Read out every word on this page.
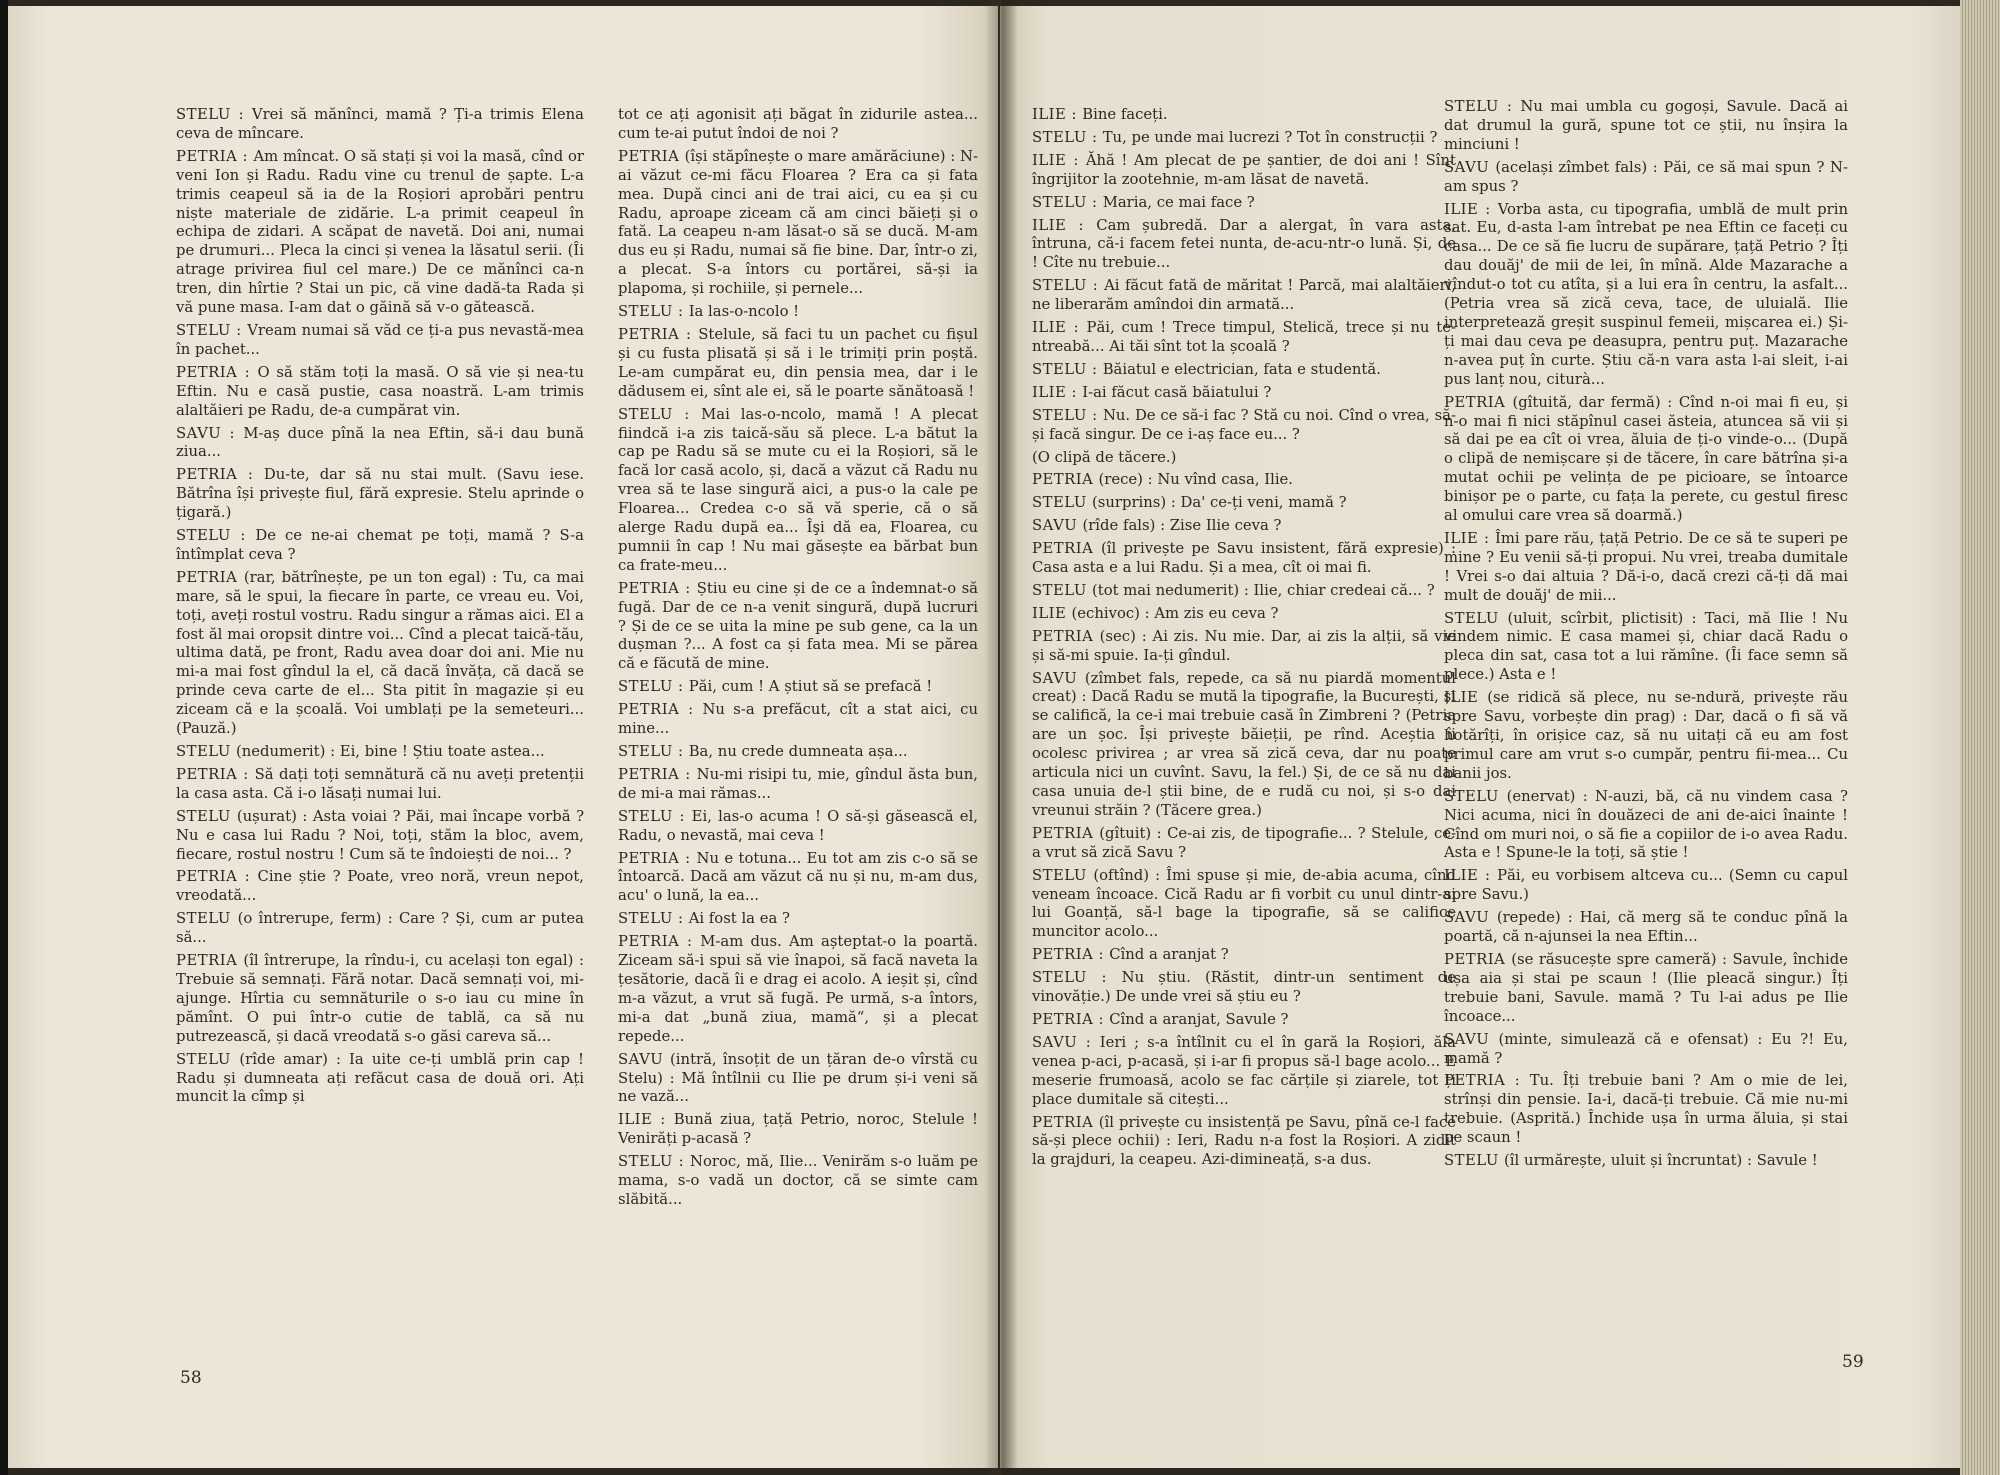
STELU : Vrei să mănînci, mamă ? Ți-a trimis Elena ceva de mîncare.

PETRIA : Am mîncat. O să stați și voi la masă, cînd or veni Ion și Radu. Radu vine cu trenul de șapte. L-a trimis ceapeul să ia de la Roșiori aprobări pentru niște materiale de zidărie. L-a primit ceapeul în echipa de zidari. A scăpat de navetă. Doi ani, numai pe drumuri... Pleca la cinci și venea la lăsatul serii. (Îi atrage privirea fiul cel mare.) De ce mănînci ca-n tren, din hîrtie ? Stai un pic, că vine dadă-ta Rada și vă pune masa. I-am dat o găină să v-o gătească.

STELU : Vream numai să văd ce ți-a pus nevastă-mea în pachet...

PETRIA : O să stăm toți la masă. O să vie și nea-tu Eftin. Nu e casă pustie, casa noastră. L-am trimis alaltăieri pe Radu, de-a cumpărat vin.

SAVU : M-aș duce pînă la nea Eftin, să-i dau bună ziua...

PETRIA : Du-te, dar să nu stai mult. (Savu iese. Bătrîna își privește fiul, fără expresie. Stelu aprinde o țigară.)

STELU : De ce ne-ai chemat pe toți, mamă ? S-a întîmplat ceva ?

PETRIA (rar, bătrînește, pe un ton egal) : Tu, ca mai mare, să le spui, la fiecare în parte, ce vreau eu. Voi, toți, aveți rostul vostru. Radu singur a rămas aici. El a fost ăl mai oropsit dintre voi... Cînd a plecat taică-tău, ultima dată, pe front, Radu avea doar doi ani. Mie nu mi-a mai fost gîndul la el, că dacă învăța, că dacă se prinde ceva carte de el... Sta pitit în magazie și eu ziceam că e la școală. Voi umblați pe la semeteuri... (Pauză.)

STELU (nedumerit) : Ei, bine ! Știu toate astea...

PETRIA : Să dați toți semnătură că nu aveți pretenții la casa asta. Că i-o lăsați numai lui.

STELU (ușurat) : Asta voiai ? Păi, mai încape vorbă ? Nu e casa lui Radu ? Noi, toți, stăm la bloc, avem, fiecare, rostul nostru ! Cum să te îndoiești de noi... ?

PETRIA : Cine știe ? Poate, vreo noră, vreun nepot, vreodată...

STELU (o întrerupe, ferm) : Care ? Și, cum ar putea să...

PETRIA (îl întrerupe, la rîndu-i, cu același ton egal) : Trebuie să semnați. Fără notar. Dacă semnați voi, mi-ajunge. Hîrtia cu semnăturile o s-o iau cu mine în pămînt. O pui într-o cutie de tablă, ca să nu putrezească, și dacă vreodată s-o găsi careva să...

STELU (rîde amar) : Ia uite ce-ți umblă prin cap ! Radu și dumneata ați refăcut casa de două ori. Ați muncit la cîmp și

tot ce ați agonisit ați băgat în zidurile astea... cum te-ai putut îndoi de noi ?

PETRIA (își stăpînește o mare amărăciune) : N-ai văzut ce-mi făcu Floarea ? Era ca și fata mea. După cinci ani de trai aici, cu ea și cu Radu, aproape ziceam că am cinci băieți și o fată. La ceapeu n-am lăsat-o să se ducă. M-am dus eu și Radu, numai să fie bine. Dar, într-o zi, a plecat. S-a întors cu portărei, să-și ia plapoma, și rochiile, și pernele...

STELU : Ia las-o-ncolo !

PETRIA : Stelule, să faci tu un pachet cu fișul și cu fusta plisată și să i le trimiți prin poștă. Le-am cumpărat eu, din pensia mea, dar i le dădusem ei, sînt ale ei, să le poarte sănătoasă !

STELU : Mai las-o-ncolo, mamă ! A plecat fiindcă i-a zis taică-său să plece. L-a bătut la cap pe Radu să se mute cu ei la Roșiori, să le facă lor casă acolo, și, dacă a văzut că Radu nu vrea să te lase singură aici, a pus-o la cale pe Floarea... Credea c-o să vă sperie, că o să alerge Radu după ea... Îşi dă ea, Floarea, cu pumnii în cap ! Nu mai găsește ea bărbat bun ca frate-meu...

PETRIA : Știu eu cine și de ce a îndemnat-o să fugă. Dar de ce n-a venit singură, după lucruri ? Și de ce se uita la mine pe sub gene, ca la un dușman ?... A fost ca și fata mea. Mi se părea că e făcută de mine.

STELU : Păi, cum ! A știut să se prefacă !

PETRIA : Nu s-a prefăcut, cît a stat aici, cu mine...

STELU : Ba, nu crede dumneata așa...

PETRIA : Nu-mi risipi tu, mie, gîndul ăsta bun, de mi-a mai rămas...

STELU : Ei, las-o acuma ! O să-și găsească el, Radu, o nevastă, mai ceva !

PETRIA : Nu e totuna... Eu tot am zis c-o să se întoarcă. Dacă am văzut că nu și nu, m-am dus, acu' o lună, la ea...

STELU : Ai fost la ea ?

PETRIA : M-am dus. Am așteptat-o la poartă. Ziceam să-i spui să vie înapoi, să facă naveta la țesătorie, dacă îi e drag ei acolo. A ieșit și, cînd m-a văzut, a vrut să fugă. Pe urmă, s-a întors, mi-a dat „bună ziua, mamă“, și a plecat repede...

SAVU (intră, însoțit de un țăran de-o vîrstă cu Stelu) : Mă întîlnii cu Ilie pe drum și-i veni să ne vază...

ILIE : Bună ziua, țață Petrio, noroc, Stelule ! Venirăți p-acasă ?

STELU : Noroc, mă, Ilie... Venirăm s-o luăm pe mama, s-o vadă un doctor, că se simte cam slăbită...

58

ILIE : Bine faceți.

STELU : Tu, pe unde mai lucrezi ? Tot în construcții ?

ILIE : Ăhă ! Am plecat de pe șantier, de doi ani ! Sînt îngrijitor la zootehnie, m-am lăsat de navetă.

STELU : Maria, ce mai face ?

ILIE : Cam șubredă. Dar a alergat, în vara asta, întruna, că-i facem fetei nunta, de-acu-ntr-o lună. Și, de ! Cîte nu trebuie...

STELU : Ai făcut fată de măritat ! Parcă, mai alaltăieri, ne liberarăm amîndoi din armată...

ILIE : Păi, cum ! Trece timpul, Stelică, trece și nu te-ntreabă... Ai tăi sînt tot la școală ?

STELU : Băiatul e electrician, fata e studentă.

ILIE : I-ai făcut casă băiatului ?

STELU : Nu. De ce să-i fac ? Stă cu noi. Cînd o vrea, să-și facă singur. De ce i-aș face eu... ?

(O clipă de tăcere.)

PETRIA (rece) : Nu vînd casa, Ilie.

STELU (surprins) : Da' ce-ți veni, mamă ?

SAVU (rîde fals) : Zise Ilie ceva ?

PETRIA (îl privește pe Savu insistent, fără expresie) : Casa asta e a lui Radu. Și a mea, cît oi mai fi.

STELU (tot mai nedumerit) : Ilie, chiar credeai că... ?

ILIE (echivoc) : Am zis eu ceva ?

PETRIA (sec) : Ai zis. Nu mie. Dar, ai zis la alții, să vie și să-mi spuie. Ia-ți gîndul.

SAVU (zîmbet fals, repede, ca să nu piardă momentul creat) : Dacă Radu se mută la tipografie, la București, și se califică, la ce-i mai trebuie casă în Zimbreni ? (Petria are un șoc. Își privește băieții, pe rînd. Aceștia îi ocolesc privirea ; ar vrea să zică ceva, dar nu poate articula nici un cuvînt. Savu, la fel.) Și, de ce să nu dai casa unuia de-l știi bine, de e rudă cu noi, și s-o dai vreunui străin ? (Tăcere grea.)

PETRIA (gîtuit) : Ce-ai zis, de tipografie... ? Stelule, ce-a vrut să zică Savu ?

STELU (oftînd) : Îmi spuse și mie, de-abia acuma, cînd veneam încoace. Cică Radu ar fi vorbit cu unul dintr-ai lui Goanță, să-l bage la tipografie, să se califice muncitor acolo...

PETRIA : Cînd a aranjat ?

STELU : Nu știu. (Răstit, dintr-un sentiment de vinovăție.) De unde vrei să știu eu ?

PETRIA : Cînd a aranjat, Savule ?

SAVU : Ieri ; s-a întîlnit cu el în gară la Roșiori, ăla venea p-aci, p-acasă, și i-ar fi propus să-l bage acolo... E meserie frumoasă, acolo se fac cărțile și ziarele, tot ți place dumitale să citești...

PETRIA (îl privește cu insistență pe Savu, pînă ce-l face să-și plece ochii) : Ieri, Radu n-a fost la Roșiori. A zidit la grajduri, la ceapeu. Azi-dimineață, s-a dus.

STELU : Nu mai umbla cu gogoși, Savule. Dacă ai dat drumul la gură, spune tot ce știi, nu înșira la minciuni !

SAVU (același zîmbet fals) : Păi, ce să mai spun ? N-am spus ?

ILIE : Vorba asta, cu tipografia, umblă de mult prin sat. Eu, d-asta l-am întrebat pe nea Eftin ce faceți cu casa... De ce să fie lucru de supărare, țață Petrio ? Îți dau douăj' de mii de lei, în mînă. Alde Mazarache a vîndut-o tot cu atîta, și a lui era în centru, la asfalt... (Petria vrea să zică ceva, tace, de uluială. Ilie interpretează greșit suspinul femeii, mișcarea ei.) Și-ți mai dau ceva pe deasupra, pentru puț. Mazarache n-avea puț în curte. Știu că-n vara asta l-ai sleit, i-ai pus lanț nou, citurà...

PETRIA (gîtuită, dar fermă) : Cînd n-oi mai fi eu, și n-o mai fi nici stăpînul casei ăsteia, atuncea să vii și să dai pe ea cît oi vrea, ăluia de ți-o vinde-o... (După o clipă de nemișcare și de tăcere, în care bătrîna și-a mutat ochii pe velința de pe picioare, se întoarce binișor pe o parte, cu fața la perete, cu gestul firesc al omului care vrea să doarmă.)

ILIE : Îmi pare rău, țață Petrio. De ce să te superi pe mine ? Eu venii să-ți propui. Nu vrei, treaba dumitale ! Vrei s-o dai altuia ? Dă-i-o, dacă crezi că-ți dă mai mult de douăj' de mii...

STELU (uluit, scîrbit, plictisit) : Taci, mă Ilie ! Nu vindem nimic. E casa mamei și, chiar dacă Radu o pleca din sat, casa tot a lui rămîne. (Îi face semn să plece.) Asta e !

ILIE (se ridică să plece, nu se-ndură, privește rău spre Savu, vorbește din prag) : Dar, dacă o fi să vă hotărîți, în orișice caz, să nu uitați că eu am fost primul care am vrut s-o cumpăr, pentru fii-mea... Cu banii jos.

STELU (enervat) : N-auzi, bă, că nu vindem casa ? Nici acuma, nici în douăzeci de ani de-aici înainte ! Cînd om muri noi, o să fie a copiilor de i-o avea Radu. Asta e ! Spune-le la toți, să știe !

ILIE : Păi, eu vorbisem altceva cu... (Semn cu capul spre Savu.)

SAVU (repede) : Hai, că merg să te conduc pînă la poartă, că n-ajunsei la nea Eftin...

PETRIA (se răsucește spre cameră) : Savule, închide ușa aia și stai pe scaun ! (Ilie pleacă singur.) Îți trebuie bani, Savule. mamă ? Tu l-ai adus pe Ilie încoace...

SAVU (minte, simulează că e ofensat) : Eu ?! Eu, mamă ?

PETRIA : Tu. Îți trebuie bani ? Am o mie de lei, strînși din pensie. Ia-i, dacă-ți trebuie. Că mie nu-mi trebuie. (Asprită.) Închide ușa în urma ăluia, și stai pe scaun !

STELU (îl urmărește, uluit și încruntat) : Savule !

59
